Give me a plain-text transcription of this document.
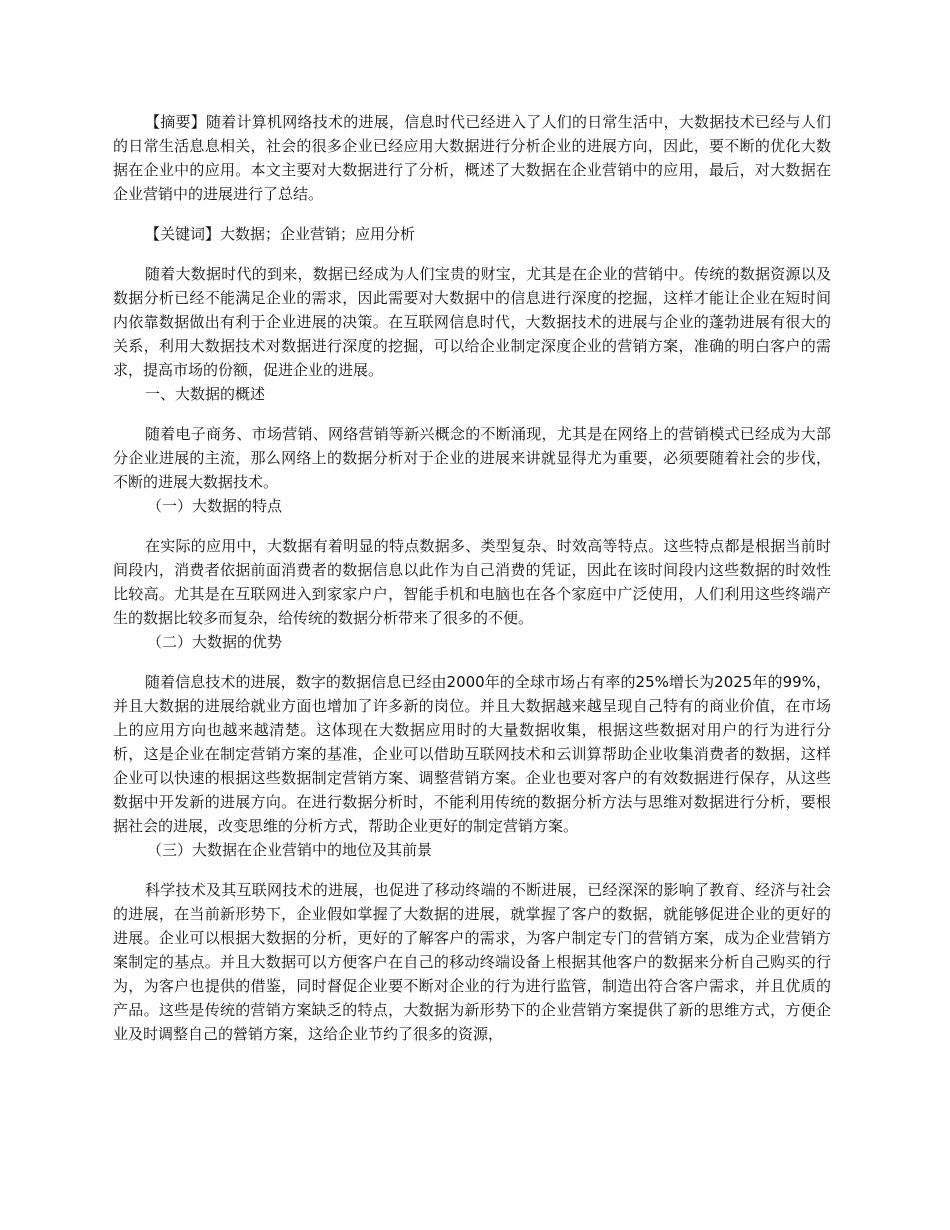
【摘要】随着计算机网络技术的进展，信息时代已经进入了人们的日常生活中，大数据技术已经与人们的日常生活息息相关，社会的很多企业已经应用大数据进行分析企业的进展方向，因此，要不断的优化大数据在企业中的应用。本文主要对大数据进行了分析，概述了大数据在企业营销中的应用，最后，对大数据在企业营销中的进展进行了总结。

【关键词】大数据；企业营销；应用分析

随着大数据时代的到来，数据已经成为人们宝贵的财宝，尤其是在企业的营销中。传统的数据资源以及数据分析已经不能满足企业的需求，因此需要对大数据中的信息进行深度的挖掘，这样才能让企业在短时间内依靠数据做出有利于企业进展的决策。在互联网信息时代，大数据技术的进展与企业的蓬勃进展有很大的关系，利用大数据技术对数据进行深度的挖掘，可以给企业制定深度企业的营销方案，准确的明白客户的需求，提高市场的份额，促进企业的进展。

一、大数据的概述

随着电子商务、市场营销、网络营销等新兴概念的不断涌现，尤其是在网络上的营销模式已经成为大部分企业进展的主流，那么网络上的数据分析对于企业的进展来讲就显得尤为重要，必须要随着社会的步伐，不断的进展大数据技术。

（一）大数据的特点

在实际的应用中，大数据有着明显的特点数据多、类型复杂、时效高等特点。这些特点都是根据当前时间段内，消费者依据前面消费者的数据信息以此作为自己消费的凭证，因此在该时间段内这些数据的时效性比较高。尤其是在互联网进入到家家户户，智能手机和电脑也在各个家庭中广泛使用，人们利用这些终端产生的数据比较多而复杂，给传统的数据分析带来了很多的不便。

（二）大数据的优势

随着信息技术的进展，数字的数据信息已经由2000年的全球市场占有率的25%增长为2025年的99%，并且大数据的进展给就业方面也增加了许多新的岗位。并且大数据越来越呈现自己特有的商业价值，在市场上的应用方向也越来越清楚。这体现在大数据应用时的大量数据收集，根据这些数据对用户的行为进行分析，这是企业在制定营销方案的基准，企业可以借助互联网技术和云训算帮助企业收集消费者的数据，这样企业可以快速的根据这些数据制定营销方案、调整营销方案。企业也要对客户的有效数据进行保存，从这些数据中开发新的进展方向。在进行数据分析时，不能利用传统的数据分析方法与思维对数据进行分析，要根据社会的进展，改变思维的分析方式，帮助企业更好的制定营销方案。

（三）大数据在企业营销中的地位及其前景

科学技术及其互联网技术的进展，也促进了移动终端的不断进展，已经深深的影响了教育、经济与社会的进展，在当前新形势下，企业假如掌握了大数据的进展，就掌握了客户的数据，就能够促进企业的更好的进展。企业可以根据大数据的分析，更好的了解客户的需求，为客户制定专门的营销方案，成为企业营销方案制定的基点。并且大数据可以方便客户在自己的移动终端设备上根据其他客户的数据来分析自己购买的行为，为客户也提供的借鉴，同时督促企业要不断对企业的行为进行监管，制造出符合客户需求，并且优质的产品。这些是传统的营销方案缺乏的特点，大数据为新形势下的企业营销方案提供了新的思维方式，方便企业及时调整自己的營销方案，这给企业节约了很多的资源，
